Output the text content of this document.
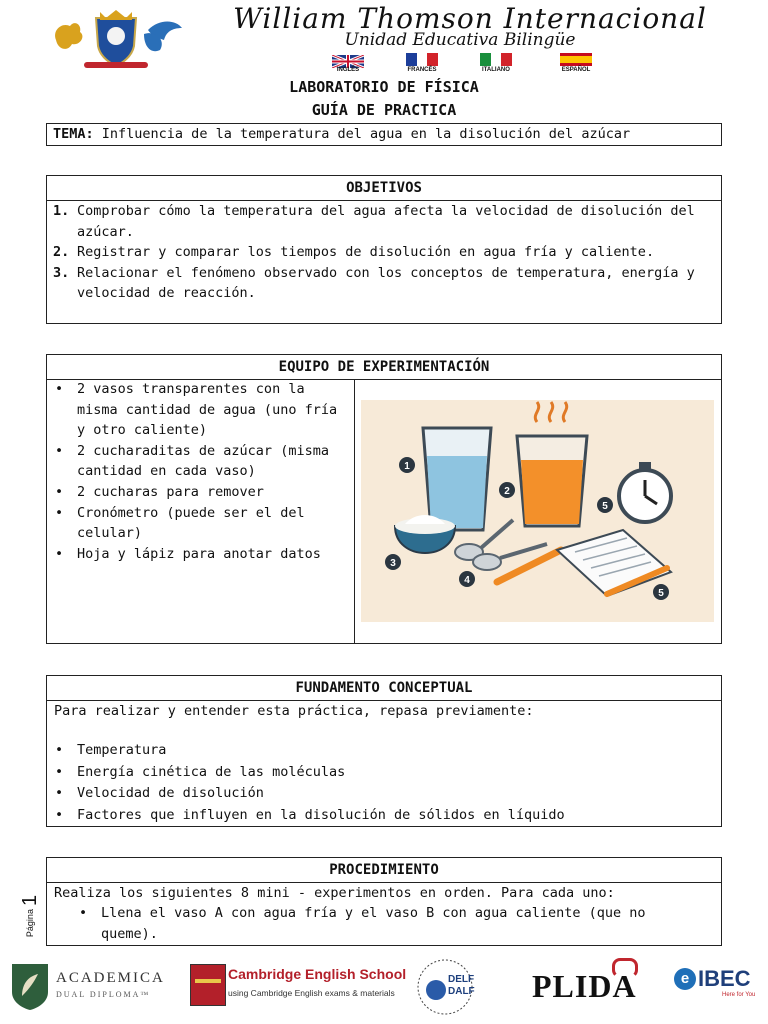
William Thomson Internacional
Unidad Educativa Bilingüe
INGLÉS	FRANCÉS	ITALIANO	ESPAÑOL
LABORATORIO DE FÍSICA
GUÍA DE PRACTICA
TEMA: Influencia de la temperatura del agua en la disolución del azúcar
OBJETIVOS
1. Comprobar cómo la temperatura del agua afecta la velocidad de disolución del azúcar.
2. Registrar y comparar los tiempos de disolución en agua fría y caliente.
3. Relacionar el fenómeno observado con los conceptos de temperatura, energía y velocidad de reacción.
EQUIPO DE EXPERIMENTACIÓN
• 2 vasos transparentes con la misma cantidad de agua (uno fría y otro caliente)
• 2 cucharaditas de azúcar (misma cantidad en cada vaso)
• 2 cucharas para remover
• Cronómetro (puede ser el del celular)
• Hoja y lápiz para anotar datos
1
2
3
4
5
5
FUNDAMENTO CONCEPTUAL
Para realizar y entender esta práctica, repasa previamente:
• Temperatura
• Energía cinética de las moléculas
• Velocidad de disolución
• Factores que influyen en la disolución de sólidos en líquido
PROCEDIMIENTO
Realiza los siguientes 8 mini - experimentos en orden. Para cada uno:
• Llena el vaso A con agua fría y el vaso B con agua caliente (que no queme).
Página
1
ACADEMICA
DUAL DIPLOMA™
Cambridge English School
using Cambridge English exams & materials
DELF
DALF PLIDA	e IBEC
Here for You
